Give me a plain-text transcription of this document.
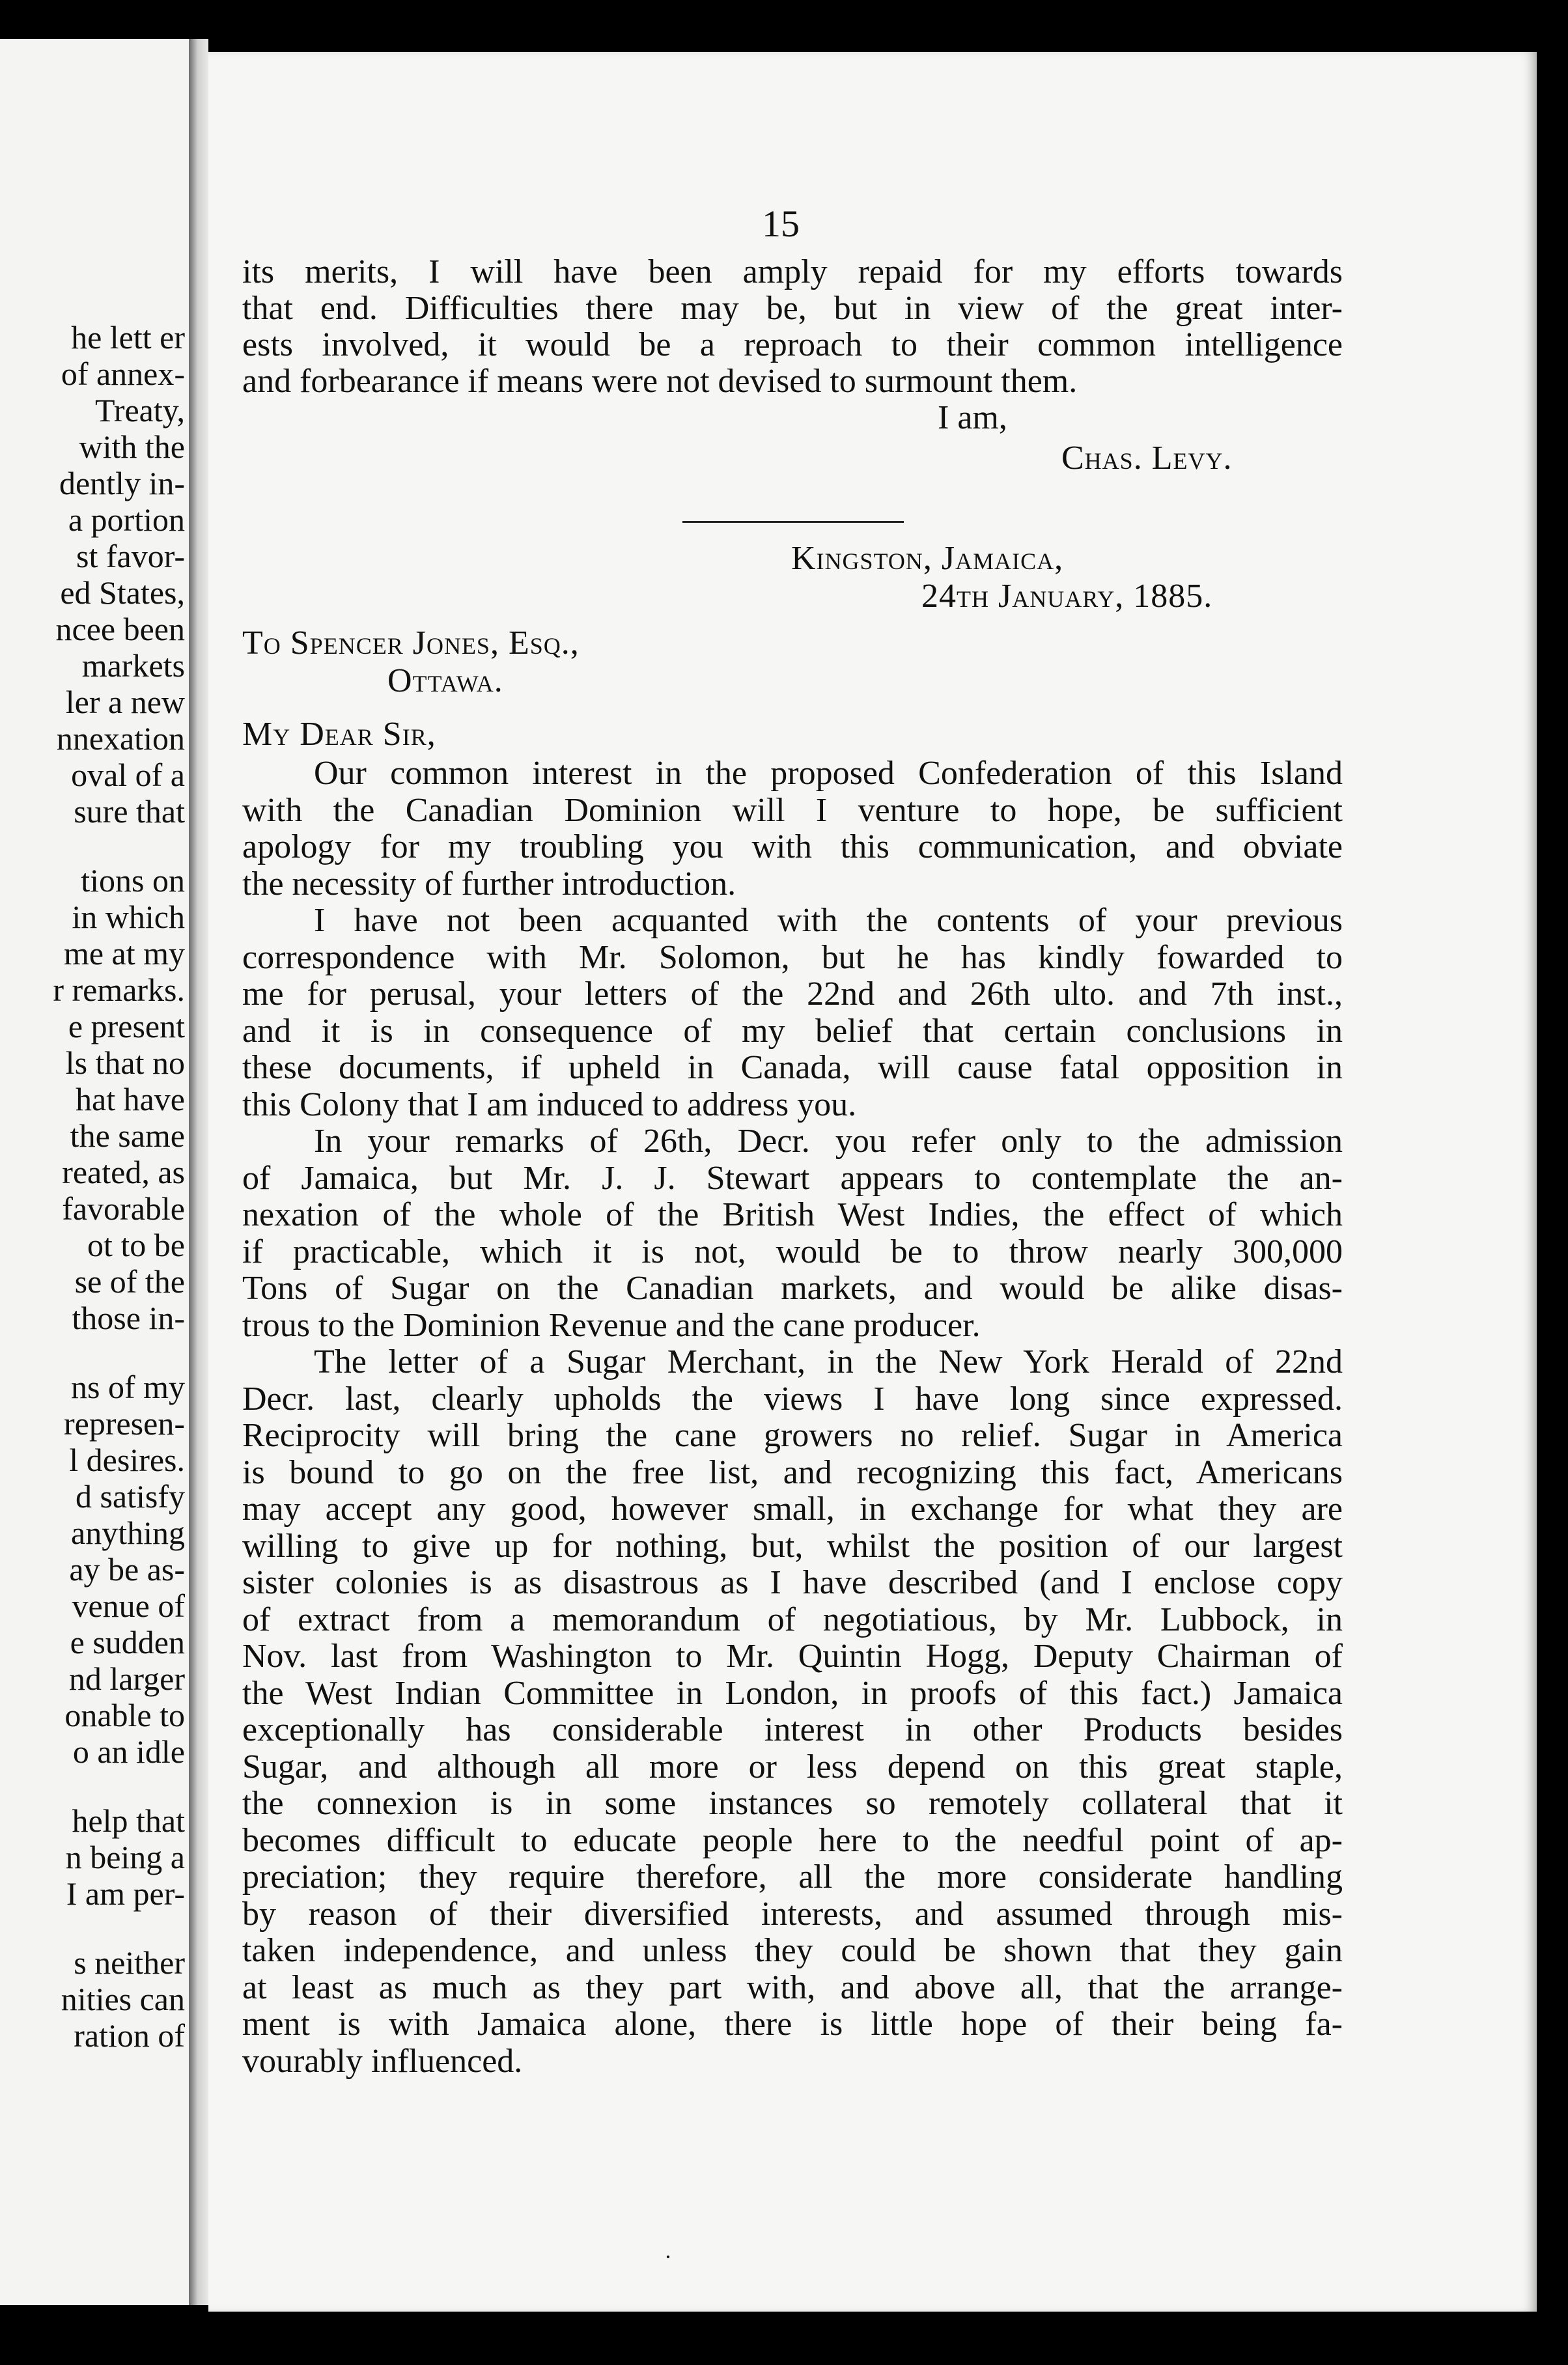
he lett er
of annex-
Treaty,
with the
dently in-
a portion
st favor-
ed States,
ncee been
markets
ler a new
nnexation
oval of a
sure that
tions on
in which
me at my
r remarks.
e present
ls that no
hat have
the same
reated, as
favorable
ot to be
se of the
those in-
ns of my
represen-
l desires.
d satisfy
anything
ay be as-
venue of
e sudden
nd larger
onable to
o an idle
help that
n being a
I am per-
s neither
nities can
ration of
15
its merits, I will have been amply repaid for my efforts towards
that end. Difficulties there may be, but in view of the great inter-
ests involved, it would be a reproach to their common intelligence
and forbearance if means were not devised to surmount them.
I am,
Chas. Levy.
Kingston, Jamaica,
24th January, 1885.
To Spencer Jones, Esq.,
Ottawa.
My Dear Sir,
Our common interest in the proposed Confederation of this Island
with the Canadian Dominion will I venture to hope, be sufficient
apology for my troubling you with this communication, and obviate
the necessity of further introduction.
I have not been acquanted with the contents of your previous
correspondence with Mr. Solomon, but he has kindly fowarded to
me for perusal, your letters of the 22nd and 26th ulto. and 7th inst.,
and it is in consequence of my belief that certain conclusions in
these documents, if upheld in Canada, will cause fatal opposition in
this Colony that I am induced to address you.
In your remarks of 26th, Decr. you refer only to the admission
of Jamaica, but Mr. J. J. Stewart appears to contemplate the an-
nexation of the whole of the British West Indies, the effect of which
if practicable, which it is not, would be to throw nearly 300,000
Tons of Sugar on the Canadian markets, and would be alike disas-
trous to the Dominion Revenue and the cane producer.
The letter of a Sugar Merchant, in the New York Herald of 22nd
Decr. last, clearly upholds the views I have long since expressed.
Reciprocity will bring the cane growers no relief. Sugar in America
is bound to go on the free list, and recognizing this fact, Americans
may accept any good, however small, in exchange for what they are
willing to give up for nothing, but, whilst the position of our largest
sister colonies is as disastrous as I have described (and I enclose copy
of extract from a memorandum of negotiatious, by Mr. Lubbock, in
Nov. last from Washington to Mr. Quintin Hogg, Deputy Chairman of
the West Indian Committee in London, in proofs of this fact.) Jamaica
exceptionally has considerable interest in other Products besides
Sugar, and although all more or less depend on this great staple,
the connexion is in some instances so remotely collateral that it
becomes difficult to educate people here to the needful point of ap-
preciation; they require therefore, all the more considerate handling
by reason of their diversified interests, and assumed through mis-
taken independence, and unless they could be shown that they gain
at least as much as they part with, and above all, that the arrange-
ment is with Jamaica alone, there is little hope of their being fa-
vourably influenced.
·
